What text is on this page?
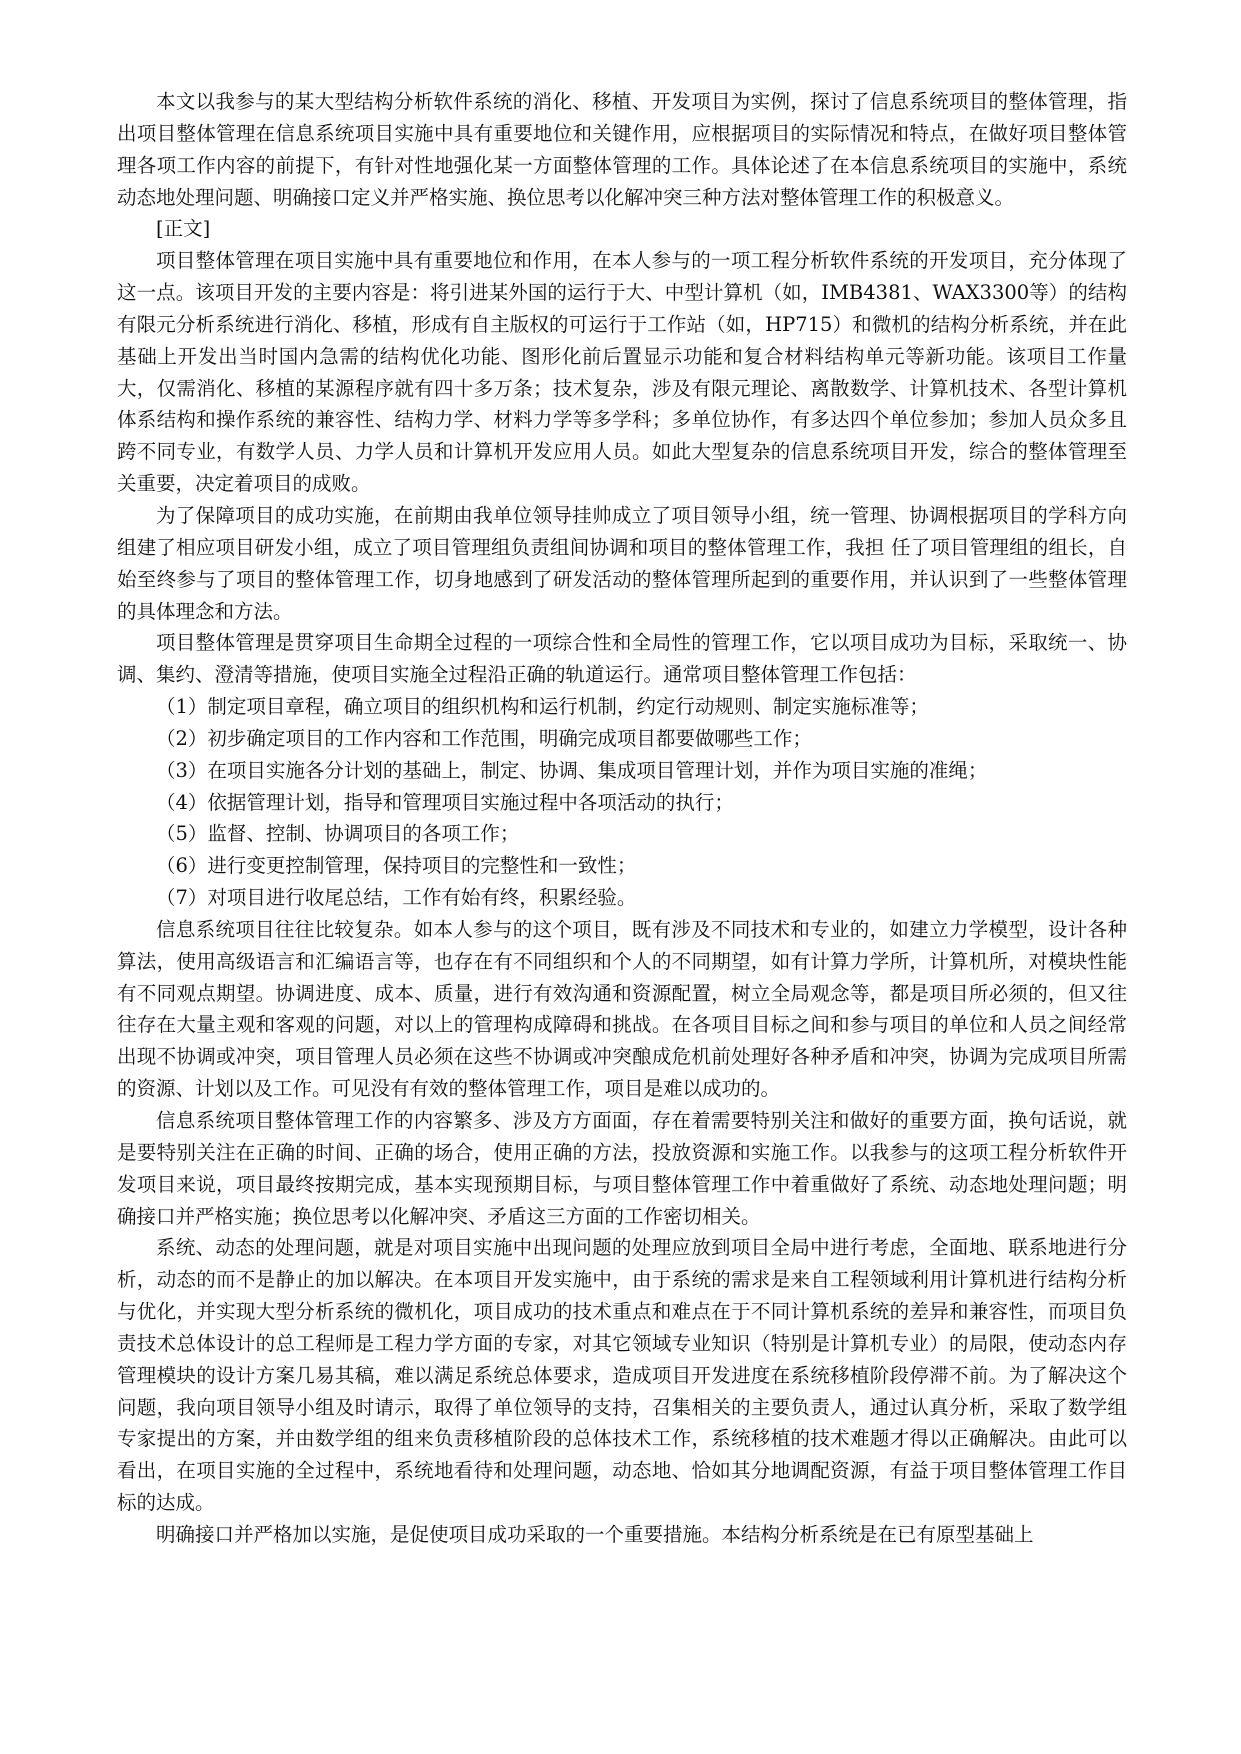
本文以我参与的某大型结构分析软件系统的消化、移植、开发项目为实例，探讨了信息系统项目的整体管理，指出项目整体管理在信息系统项目实施中具有重要地位和关键作用，应根据项目的实际情况和特点，在做好项目整体管理各项工作内容的前提下，有针对性地强化某一方面整体管理的工作。具体论述了在本信息系统项目的实施中，系统动态地处理问题、明确接口定义并严格实施、换位思考以化解冲突三种方法对整体管理工作的积极意义。

[正文]

项目整体管理在项目实施中具有重要地位和作用，在本人参与的一项工程分析软件系统的开发项目，充分体现了这一点。该项目开发的主要内容是：将引进某外国的运行于大、中型计算机（如，IMB4381、WAX3300等）的结构有限元分析系统进行消化、移植，形成有自主版权的可运行于工作站（如，HP715）和微机的结构分析系统，并在此基础上开发出当时国内急需的结构优化功能、图形化前后置显示功能和复合材料结构单元等新功能。该项目工作量大，仅需消化、移植的某源程序就有四十多万条；技术复杂，涉及有限元理论、离散数学、计算机技术、各型计算机体系结构和操作系统的兼容性、结构力学、材料力学等多学科；多单位协作，有多达四个单位参加；参加人员众多且跨不同专业，有数学人员、力学人员和计算机开发应用人员。如此大型复杂的信息系统项目开发，综合的整体管理至关重要，决定着项目的成败。

为了保障项目的成功实施，在前期由我单位领导挂帅成立了项目领导小组，统一管理、协调根据项目的学科方向组建了相应项目研发小组，成立了项目管理组负责组间协调和项目的整体管理工作，我担 任了项目管理组的组长，自始至终参与了项目的整体管理工作，切身地感到了研发活动的整体管理所起到的重要作用，并认识到了一些整体管理的具体理念和方法。

项目整体管理是贯穿项目生命期全过程的一项综合性和全局性的管理工作，它以项目成功为目标，采取统一、协调、集约、澄清等措施，使项目实施全过程沿正确的轨道运行。通常项目整体管理工作包括：

（1）制定项目章程，确立项目的组织机构和运行机制，约定行动规则、制定实施标准等；
（2）初步确定项目的工作内容和工作范围，明确完成项目都要做哪些工作；
（3）在项目实施各分计划的基础上，制定、协调、集成项目管理计划，并作为项目实施的准绳；
（4）依据管理计划，指导和管理项目实施过程中各项活动的执行；
（5）监督、控制、协调项目的各项工作；
（6）进行变更控制管理，保持项目的完整性和一致性；
（7）对项目进行收尾总结，工作有始有终，积累经验。

信息系统项目往往比较复杂。如本人参与的这个项目，既有涉及不同技术和专业的，如建立力学模型，设计各种算法，使用高级语言和汇编语言等，也存在有不同组织和个人的不同期望，如有计算力学所，计算机所，对模块性能有不同观点期望。协调进度、成本、质量，进行有效沟通和资源配置，树立全局观念等，都是项目所必须的，但又往往存在大量主观和客观的问题，对以上的管理构成障碍和挑战。在各项目目标之间和参与项目的单位和人员之间经常出现不协调或冲突，项目管理人员必须在这些不协调或冲突酿成危机前处理好各种矛盾和冲突，协调为完成项目所需的资源、计划以及工作。可见没有有效的整体管理工作，项目是难以成功的。

信息系统项目整体管理工作的内容繁多、涉及方方面面，存在着需要特别关注和做好的重要方面，换句话说，就是要特别关注在正确的时间、正确的场合，使用正确的方法，投放资源和实施工作。以我参与的这项工程分析软件开发项目来说，项目最终按期完成，基本实现预期目标，与项目整体管理工作中着重做好了系统、动态地处理问题；明确接口并严格实施；换位思考以化解冲突、矛盾这三方面的工作密切相关。

系统、动态的处理问题，就是对项目实施中出现问题的处理应放到项目全局中进行考虑，全面地、联系地进行分析，动态的而不是静止的加以解决。在本项目开发实施中，由于系统的需求是来自工程领域利用计算机进行结构分析与优化，并实现大型分析系统的微机化，项目成功的技术重点和难点在于不同计算机系统的差异和兼容性，而项目负责技术总体设计的总工程师是工程力学方面的专家，对其它领域专业知识（特别是计算机专业）的局限，使动态内存管理模块的设计方案几易其稿，难以满足系统总体要求，造成项目开发进度在系统移植阶段停滞不前。为了解决这个问题，我向项目领导小组及时请示，取得了单位领导的支持，召集相关的主要负责人，通过认真分析，采取了数学组专家提出的方案，并由数学组的组来负责移植阶段的总体技术工作，系统移植的技术难题才得以正确解决。由此可以看出，在项目实施的全过程中，系统地看待和处理问题，动态地、恰如其分地调配资源，有益于项目整体管理工作目标的达成。

明确接口并严格加以实施，是促使项目成功采取的一个重要措施。本结构分析系统是在已有原型基础上
